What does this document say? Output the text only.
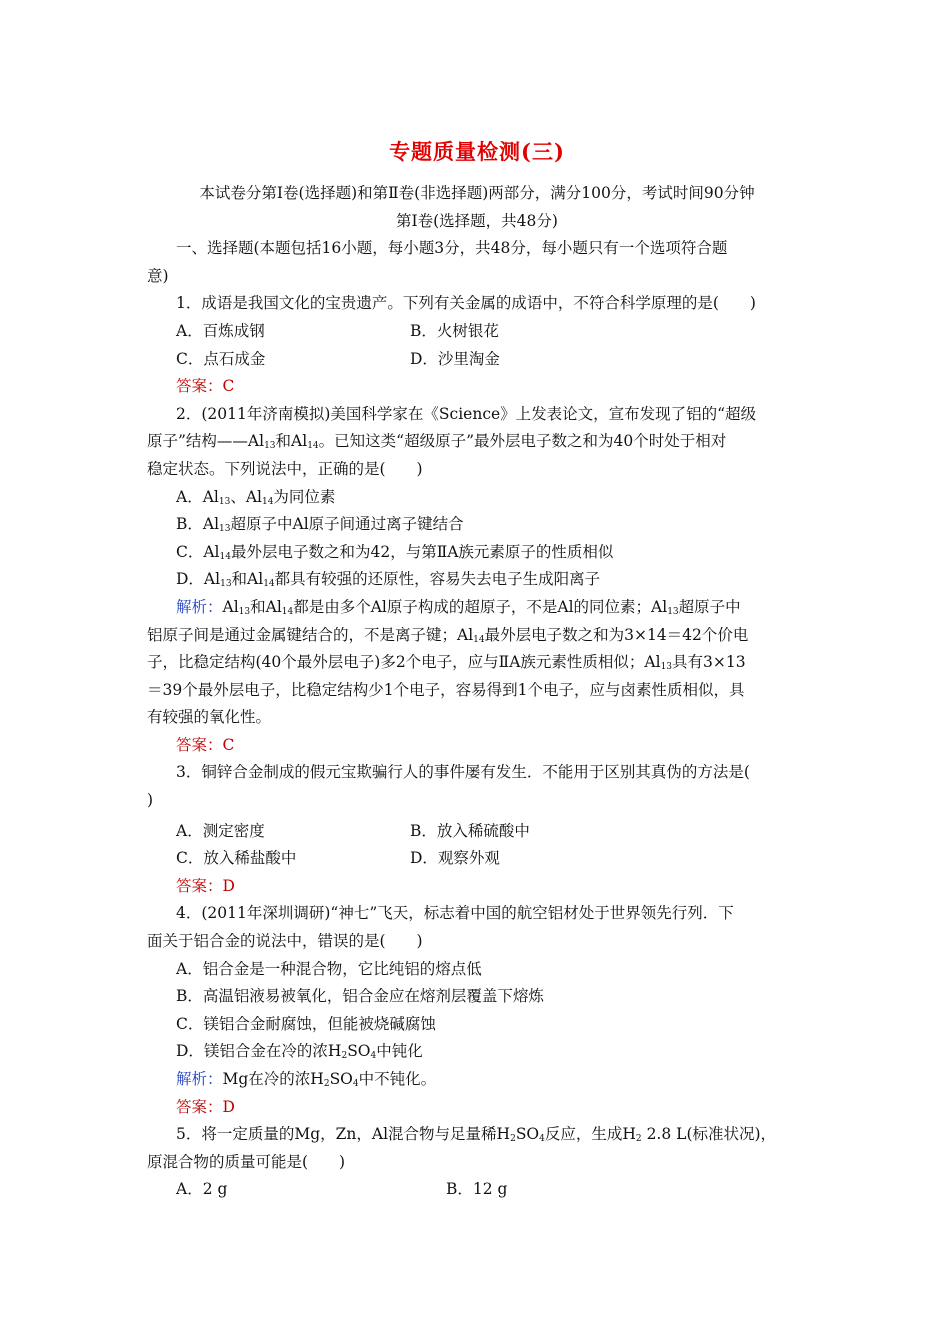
专题质量检测(三)
本试卷分第Ⅰ卷(选择题)和第Ⅱ卷(非选择题)两部分，满分100分，考试时间90分钟
第Ⅰ卷(选择题，共48分)
一、选择题(本题包括16小题，每小题3分，共48分，每小题只有一个选项符合题
意)
1．成语是我国文化的宝贵遗产。下列有关金属的成语中，不符合科学原理的是(　　)
A．百炼成钢	B．火树银花
C．点石成金	D．沙里淘金
答案：C
2．(2011年济南模拟)美国科学家在《Science》上发表论文，宣布发现了铝的“超级
原子”结构$——Al_{13}$和$Al_{14}$。已知这类“超级原子”最外层电子数之和为40个时处于相对
稳定状态。下列说法中，正确的是(　　)
A．$Al_{13}$、$Al_{14}$为同位素
B．$Al_{13}$超原子中Al原子间通过离子键结合
C．$Al_{14}$最外层电子数之和为42，与第ⅡA族元素原子的性质相似
D．$Al_{13}$和$Al_{14}$都具有较强的还原性，容易失去电子生成阳离子
解析：$Al_{13}$和$Al_{14}$都是由多个Al原子构成的超原子，不是Al的同位素；$Al_{13}$超原子中
铝原子间是通过金属键结合的，不是离子键；$Al_{14}$最外层电子数之和为3×14＝42个价电
子，比稳定结构(40个最外层电子)多2个电子，应与ⅡA族元素性质相似；$Al_{13}$具有3×13
＝39个最外层电子，比稳定结构少1个电子，容易得到1个电子，应与卤素性质相似，具
有较强的氧化性。
答案：C
3．铜锌合金制成的假元宝欺骗行人的事件屡有发生．不能用于区别其真伪的方法是(
)
A．测定密度	B．放入稀硫酸中
C．放入稀盐酸中	D．观察外观
答案：D
4．(2011年深圳调研)“神七”飞天，标志着中国的航空铝材处于世界领先行列．下
面关于铝合金的说法中，错误的是(　　)
A．铝合金是一种混合物，它比纯铝的熔点低
B．高温铝液易被氧化，铝合金应在熔剂层覆盖下熔炼
C．镁铝合金耐腐蚀，但能被烧碱腐蚀
D．镁铝合金在冷的浓$H_2SO_4$中钝化
解析：Mg在冷的浓$H_2SO_4$中不钝化。
答案：D
5．将一定质量的Mg，Zn，Al混合物与足量稀$H_2SO_4$反应，生成$H_2$ 2.8 L(标准状况)，
原混合物的质量可能是(　　)
A．2 g	B．12 g
